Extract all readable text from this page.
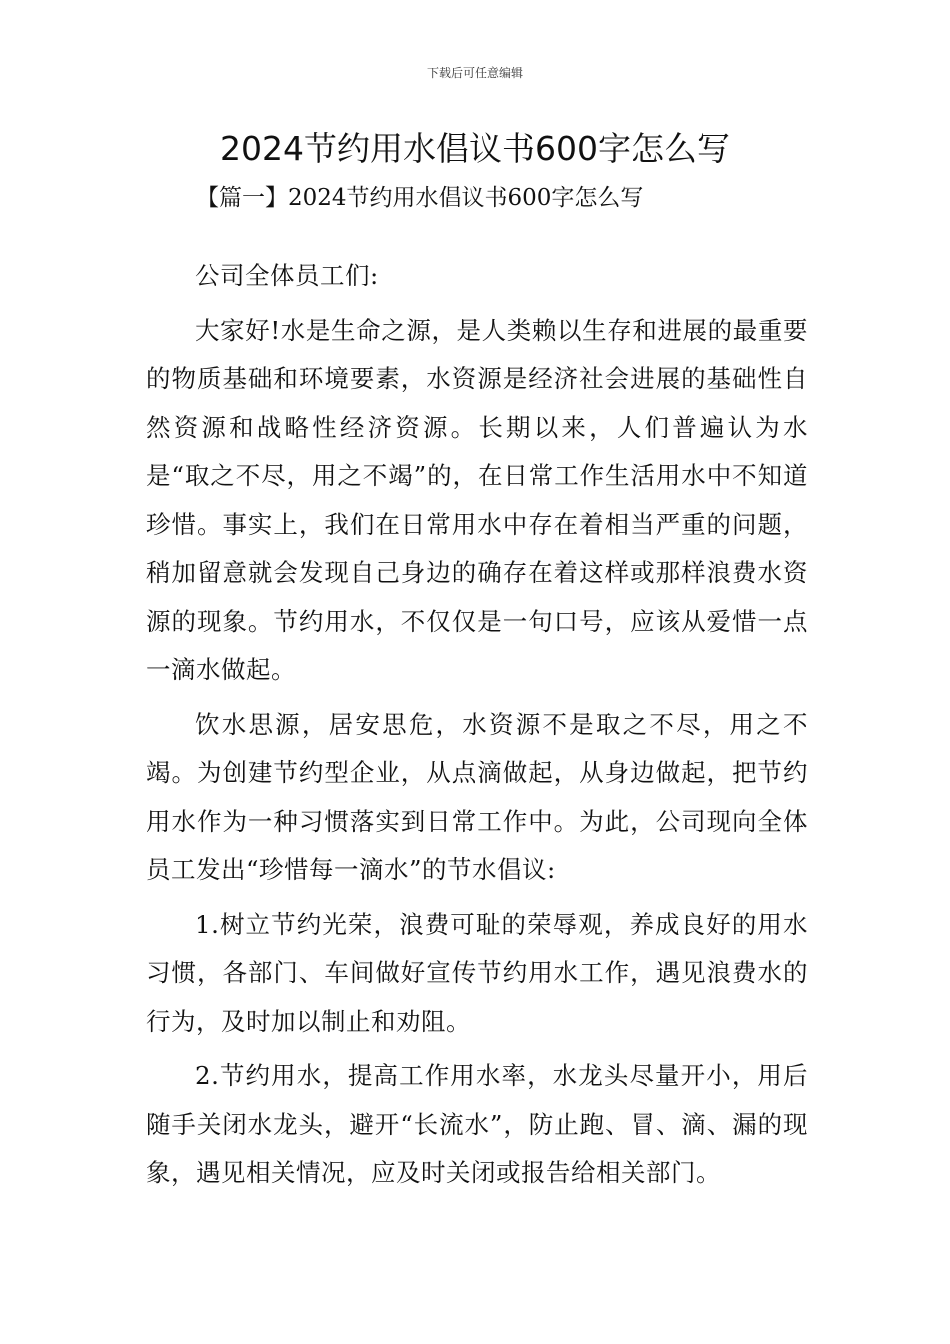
下载后可任意编辑
2024节约用水倡议书600字怎么写
【篇一】2024节约用水倡议书600字怎么写

公司全体员工们:

大家好!水是生命之源，是人类赖以生存和进展的最重要的物质基础和环境要素，水资源是经济社会进展的基础性自然资源和战略性经济资源。长期以来，人们普遍认为水是“取之不尽，用之不竭”的，在日常工作生活用水中不知道珍惜。事实上，我们在日常用水中存在着相当严重的问题，稍加留意就会发现自己身边的确存在着这样或那样浪费水资源的现象。节约用水，不仅仅是一句口号，应该从爱惜一点一滴水做起。

饮水思源，居安思危，水资源不是取之不尽，用之不竭。为创建节约型企业，从点滴做起，从身边做起，把节约用水作为一种习惯落实到日常工作中。为此，公司现向全体员工发出“珍惜每一滴水”的节水倡议:

1.树立节约光荣，浪费可耻的荣辱观，养成良好的用水习惯，各部门、车间做好宣传节约用水工作，遇见浪费水的行为，及时加以制止和劝阻。

2.节约用水，提高工作用水率，水龙头尽量开小，用后随手关闭水龙头，避开“长流水”，防止跑、冒、滴、漏的现象，遇见相关情况，应及时关闭或报告给相关部门。
